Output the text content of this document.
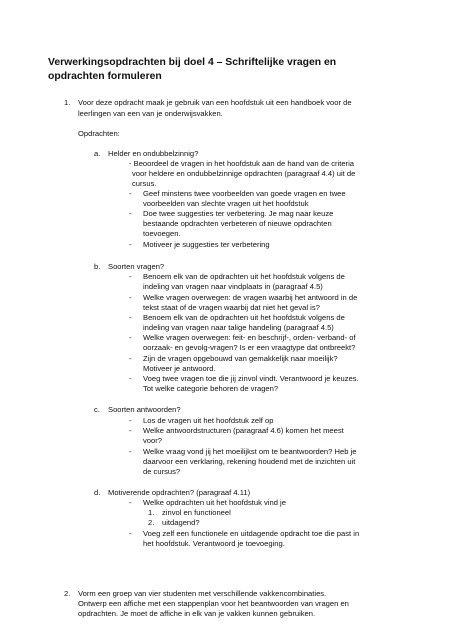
Verwerkingsopdrachten bij doel 4 – Schriftelijke vragen en
opdrachten formuleren
1. Voor deze opdracht maak je gebruik van een hoofdstuk uit een handboek voor de
leerlingen van een van je onderwijsvakken.
Opdrachten:
a. Helder en ondubbelzinnig?
- Beoordeel de vragen in het hoofdstuk aan de hand van de criteria
voor heldere en ondubbelzinnige opdrachten (paragraaf 4.4) uit de
cursus.
- Geef minstens twee voorbeelden van goede vragen en twee
voorbeelden van slechte vragen uit het hoofdstuk
- Doe twee suggesties ter verbetering. Je mag naar keuze
bestaande opdrachten verbeteren of nieuwe opdrachten
toevoegen.
- Motiveer je suggesties ter verbetering
b. Soorten vragen?
- Benoem elk van de opdrachten uit het hoofdstuk volgens de
indeling van vragen naar vindplaats in (paragraaf 4.5)
- Welke vragen overwegen: de vragen waarbij het antwoord in de
tekst staat of de vragen waarbij dat niet het geval is?
- Benoem elk van de opdrachten uit het hoofdstuk volgens de
indeling van vragen naar talige handeling (paragraaf 4.5)
- Welke vragen overwegen: feit- en beschrijf-, orden- verband- of
oorzaak- en gevolg-vragen? Is er een vraagtype dat ontbreekt?
- Zijn de vragen opgebouwd van gemakkelijk naar moeilijk?
Motiveer je antwoord.
- Voeg twee vragen toe die jij zinvol vindt. Verantwoord je keuzes.
Tot welke categorie behoren de vragen?
c. Soorten antwoorden?
- Los de vragen uit het hoofdstuk zelf op
- Welke antwoordstructuren (paragraaf 4.6) komen het meest
voor?
- Welke vraag vond jij het moeilijkst om te beantwoorden? Heb je
daarvoor een verklaring, rekening houdend met de inzichten uit
de cursus?
d. Motiverende opdrachten? (paragraaf 4.11)
- Welke opdrachten uit het hoofdstuk vind je
1. zinvol en functioneel
2. uitdagend?
- Voeg zelf een functionele en uitdagende opdracht toe die past in
het hoofdstuk. Verantwoord je toevoeging.
2. Vorm een groep van vier studenten met verschillende vakkencombinaties.
Ontwerp een affiche met een stappenplan voor het beantwoorden van vragen en
opdrachten. Je moet de affiche in elk van je vakken kunnen gebruiken.
